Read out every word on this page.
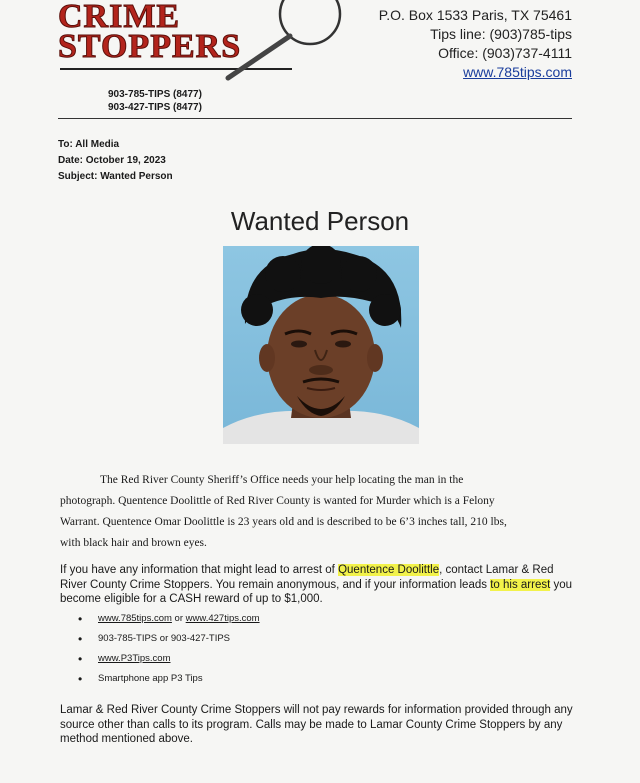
CRIME
STOPPERS
P.O. Box 1533 Paris, TX 75461
Tips line: (903)785-tips
Office: (903)737-4111
www.785tips.com
903-785-TIPS (8477)
903-427-TIPS (8477)
To: All Media
Date: October 19, 2023
Subject: Wanted Person
Wanted Person
The Red River County Sheriff’s Office needs your help locating the man in the
photograph. Quentence Doolittle of Red River County is wanted for Murder which is a Felony
Warrant. Quentence Omar Doolittle is 23 years old and is described to be 6’3 inches tall, 210 lbs,
with black hair and brown eyes.
If you have any information that might lead to arrest of Quentence Doolittle, contact Lamar & Red River County Crime Stoppers. You remain anonymous, and if your information leads to his arrest you become eligible for a CASH reward of up to $1,000.
• www.785tips.com or www.427tips.com
• 903-785-TIPS or 903-427-TIPS
• www.P3Tips.com
• Smartphone app P3 Tips
Lamar & Red River County Crime Stoppers will not pay rewards for information provided through any source other than calls to its program. Calls may be made to Lamar County Crime Stoppers by any method mentioned above.
